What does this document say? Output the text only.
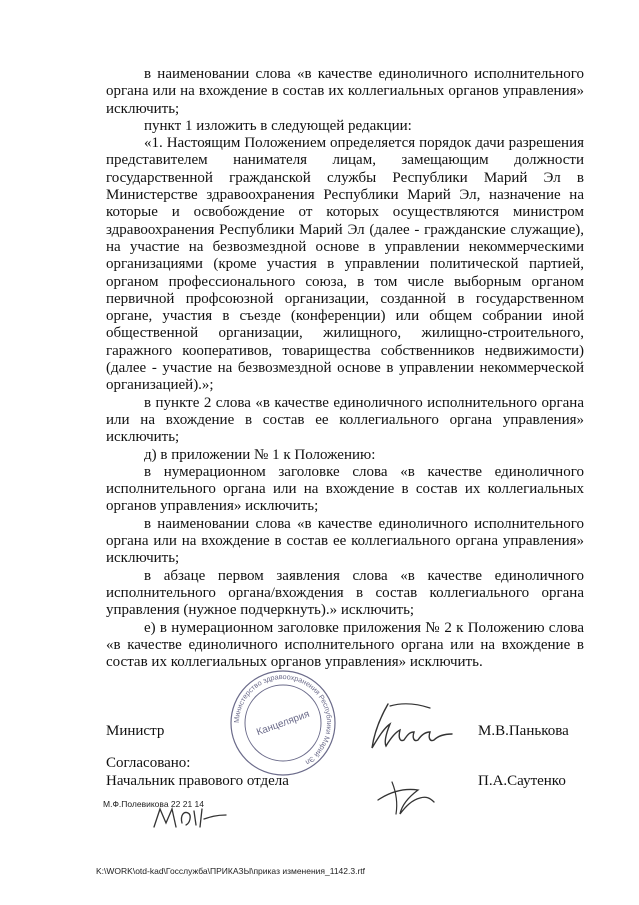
в наименовании слова «в качестве единоличного исполнительного органа или на вхождение в состав их коллегиальных органов управления» исключить;

пункт 1 изложить в следующей редакции:

«1. Настоящим Положением определяется порядок дачи разрешения представителем нанимателя лицам, замещающим должности государственной гражданской службы Республики Марий Эл в Министерстве здравоохранения Республики Марий Эл, назначение на которые и освобождение от которых осуществляются министром здравоохранения Республики Марий Эл (далее - гражданские служащие), на участие на безвозмездной основе в управлении некоммерческими организациями (кроме участия в управлении политической партией, органом профессионального союза, в том числе выборным органом первичной профсоюзной организации, созданной в государственном органе, участия в съезде (конференции) или общем собрании иной общественной организации, жилищного, жилищно-строительного, гаражного кооперативов, товарищества собственников недвижимости) (далее - участие на безвозмездной основе в управлении некоммерческой организацией).»;

в пункте 2 слова «в качестве единоличного исполнительного органа или на вхождение в состав ее коллегиального органа управления» исключить;

д) в приложении № 1 к Положению:

в нумерационном заголовке слова «в качестве единоличного исполнительного органа или на вхождение в состав их коллегиальных органов управления» исключить;

в наименовании слова «в качестве единоличного исполнительного органа или на вхождение в состав ее коллегиального органа управления» исключить;

в абзаце первом заявления слова «в качестве единоличного исполнительного органа/вхождения в состав коллегиального органа управления (нужное подчеркнуть).» исключить;

е) в нумерационном заголовке приложения № 2 к Положению слова «в качестве единоличного исполнительного органа или на вхождение в состав их коллегиальных органов управления» исключить.

Министерство здравоохранения Республики Марий Эл
Канцелярия
Министр	М.В.Панькова
Согласовано:
Начальник правового отдела	П.А.Саутенко
М.Ф.Полевикова 22 21 14
K:\WORK\otd-kad\Госслужба\ПРИКАЗЫ\приказ изменения_1142.3.rtf
